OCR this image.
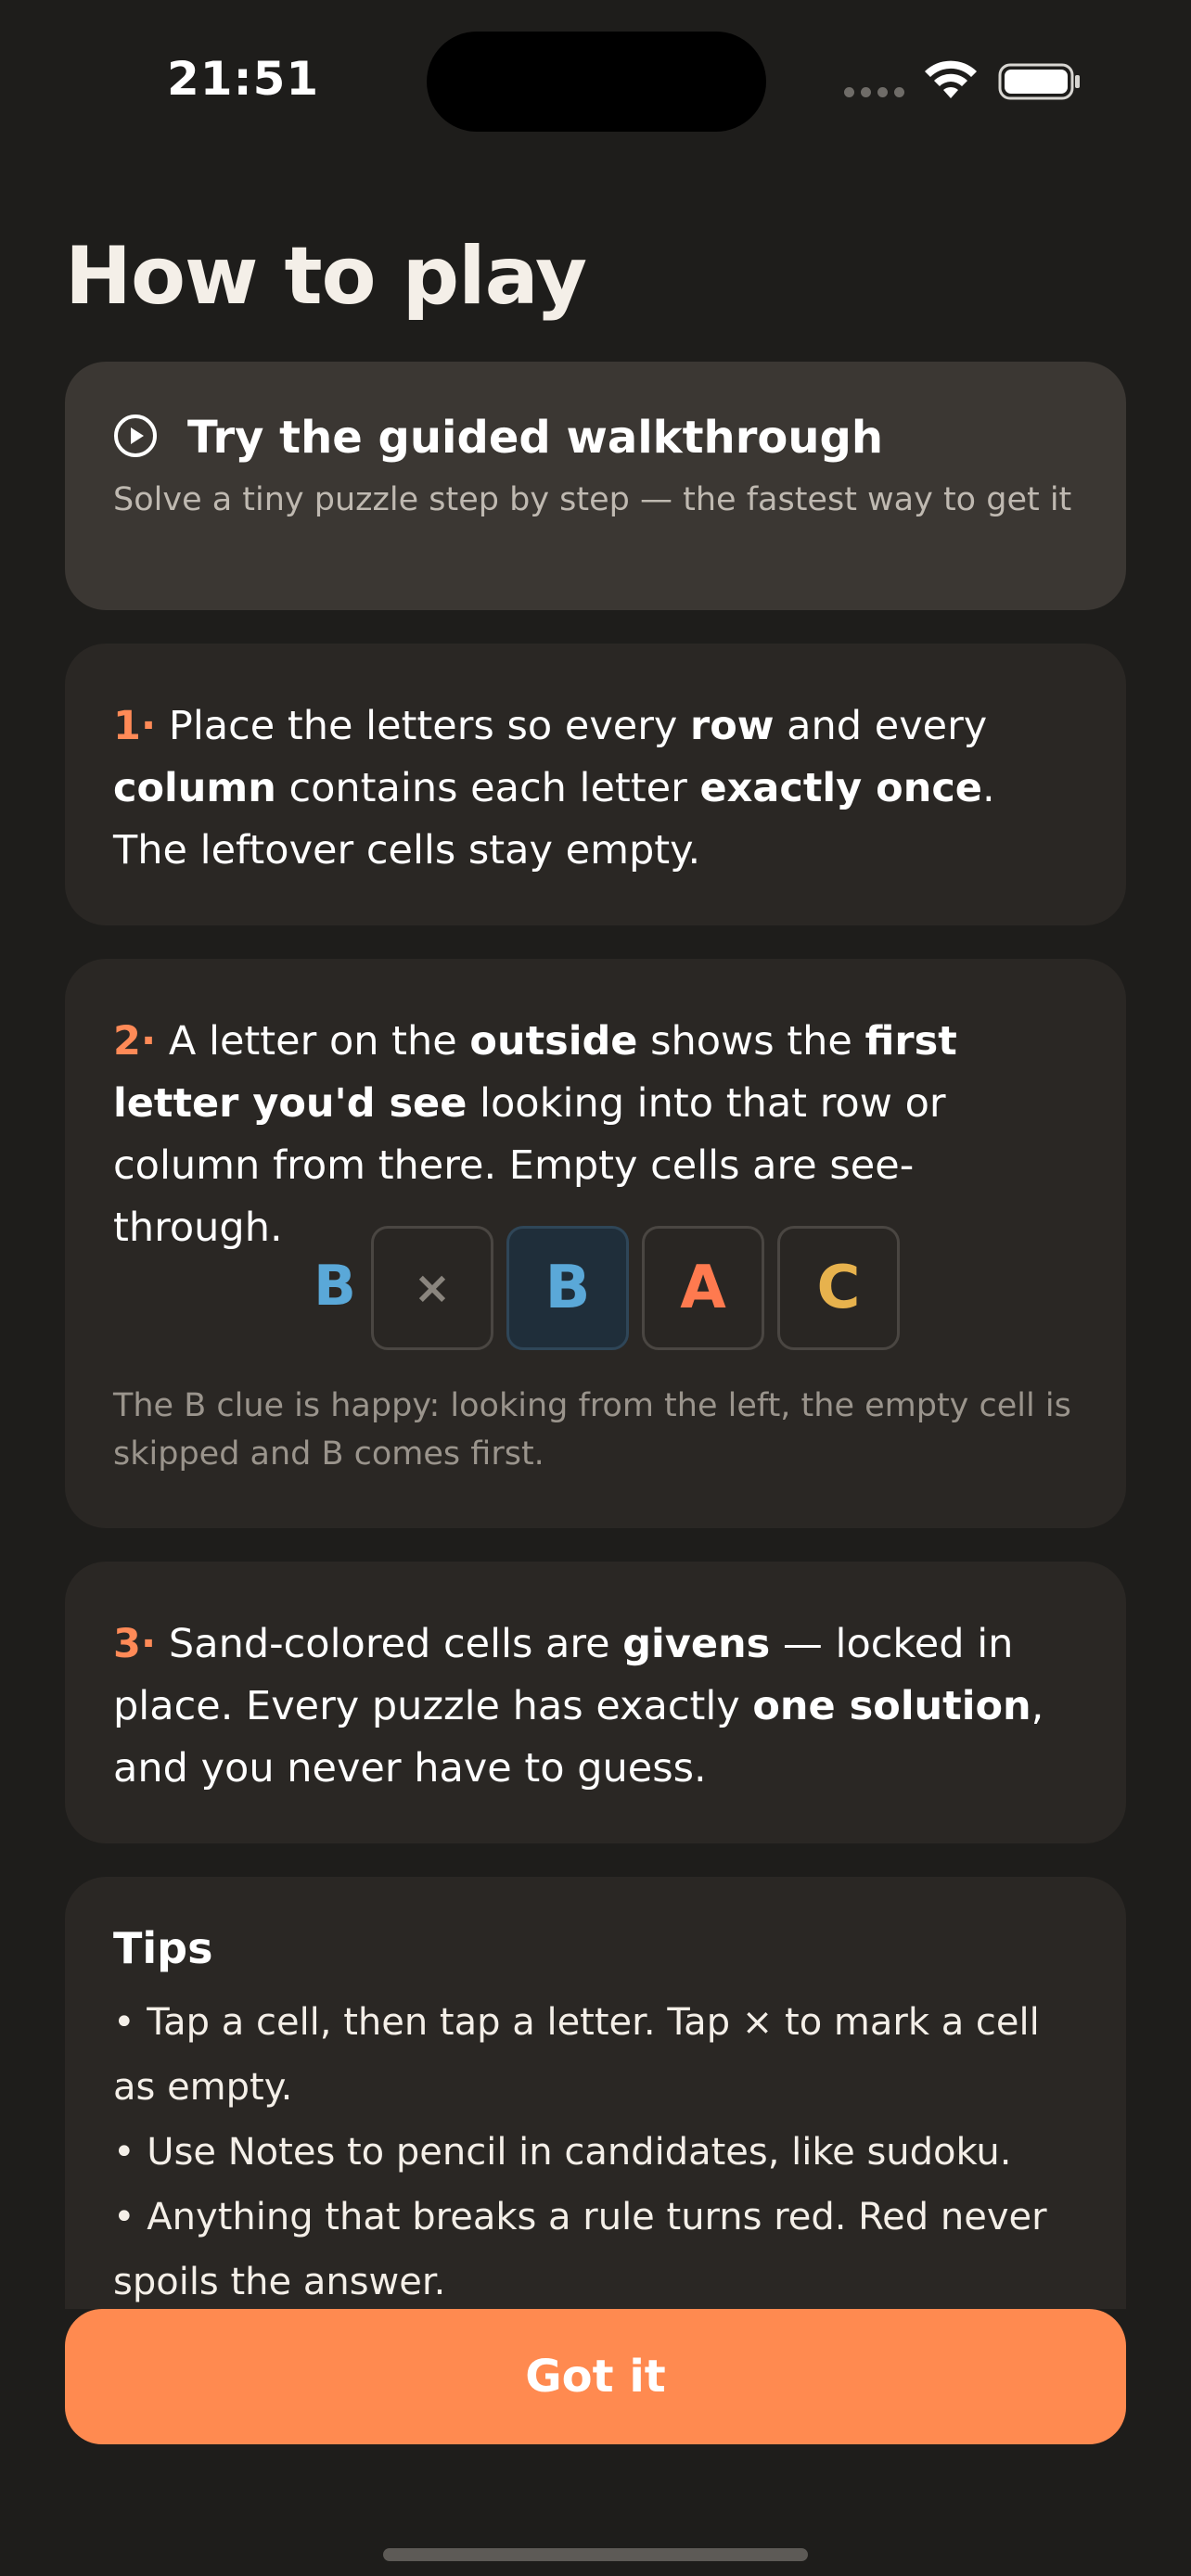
21:51
How to play
Try the guided walkthrough
Solve a tiny puzzle step by step — the fastest way to get it

1· Place the letters so every row and every column contains each letter exactly once. The leftover cells stay empty.

2· A letter on the outside shows the first letter you'd see looking into that row or column from there. Empty cells are see-through.

B	×	B	A	C
The B clue is happy: looking from the left, the empty cell is skipped and B comes first.

3· Sand-colored cells are givens — locked in place. Every puzzle has exactly one solution, and you never have to guess.

Tips
• Tap a cell, then tap a letter. Tap × to mark a cell as empty.
• Use Notes to pencil in candidates, like sudoku.
• Anything that breaks a rule turns red. Red never spoils the answer.
Got it
